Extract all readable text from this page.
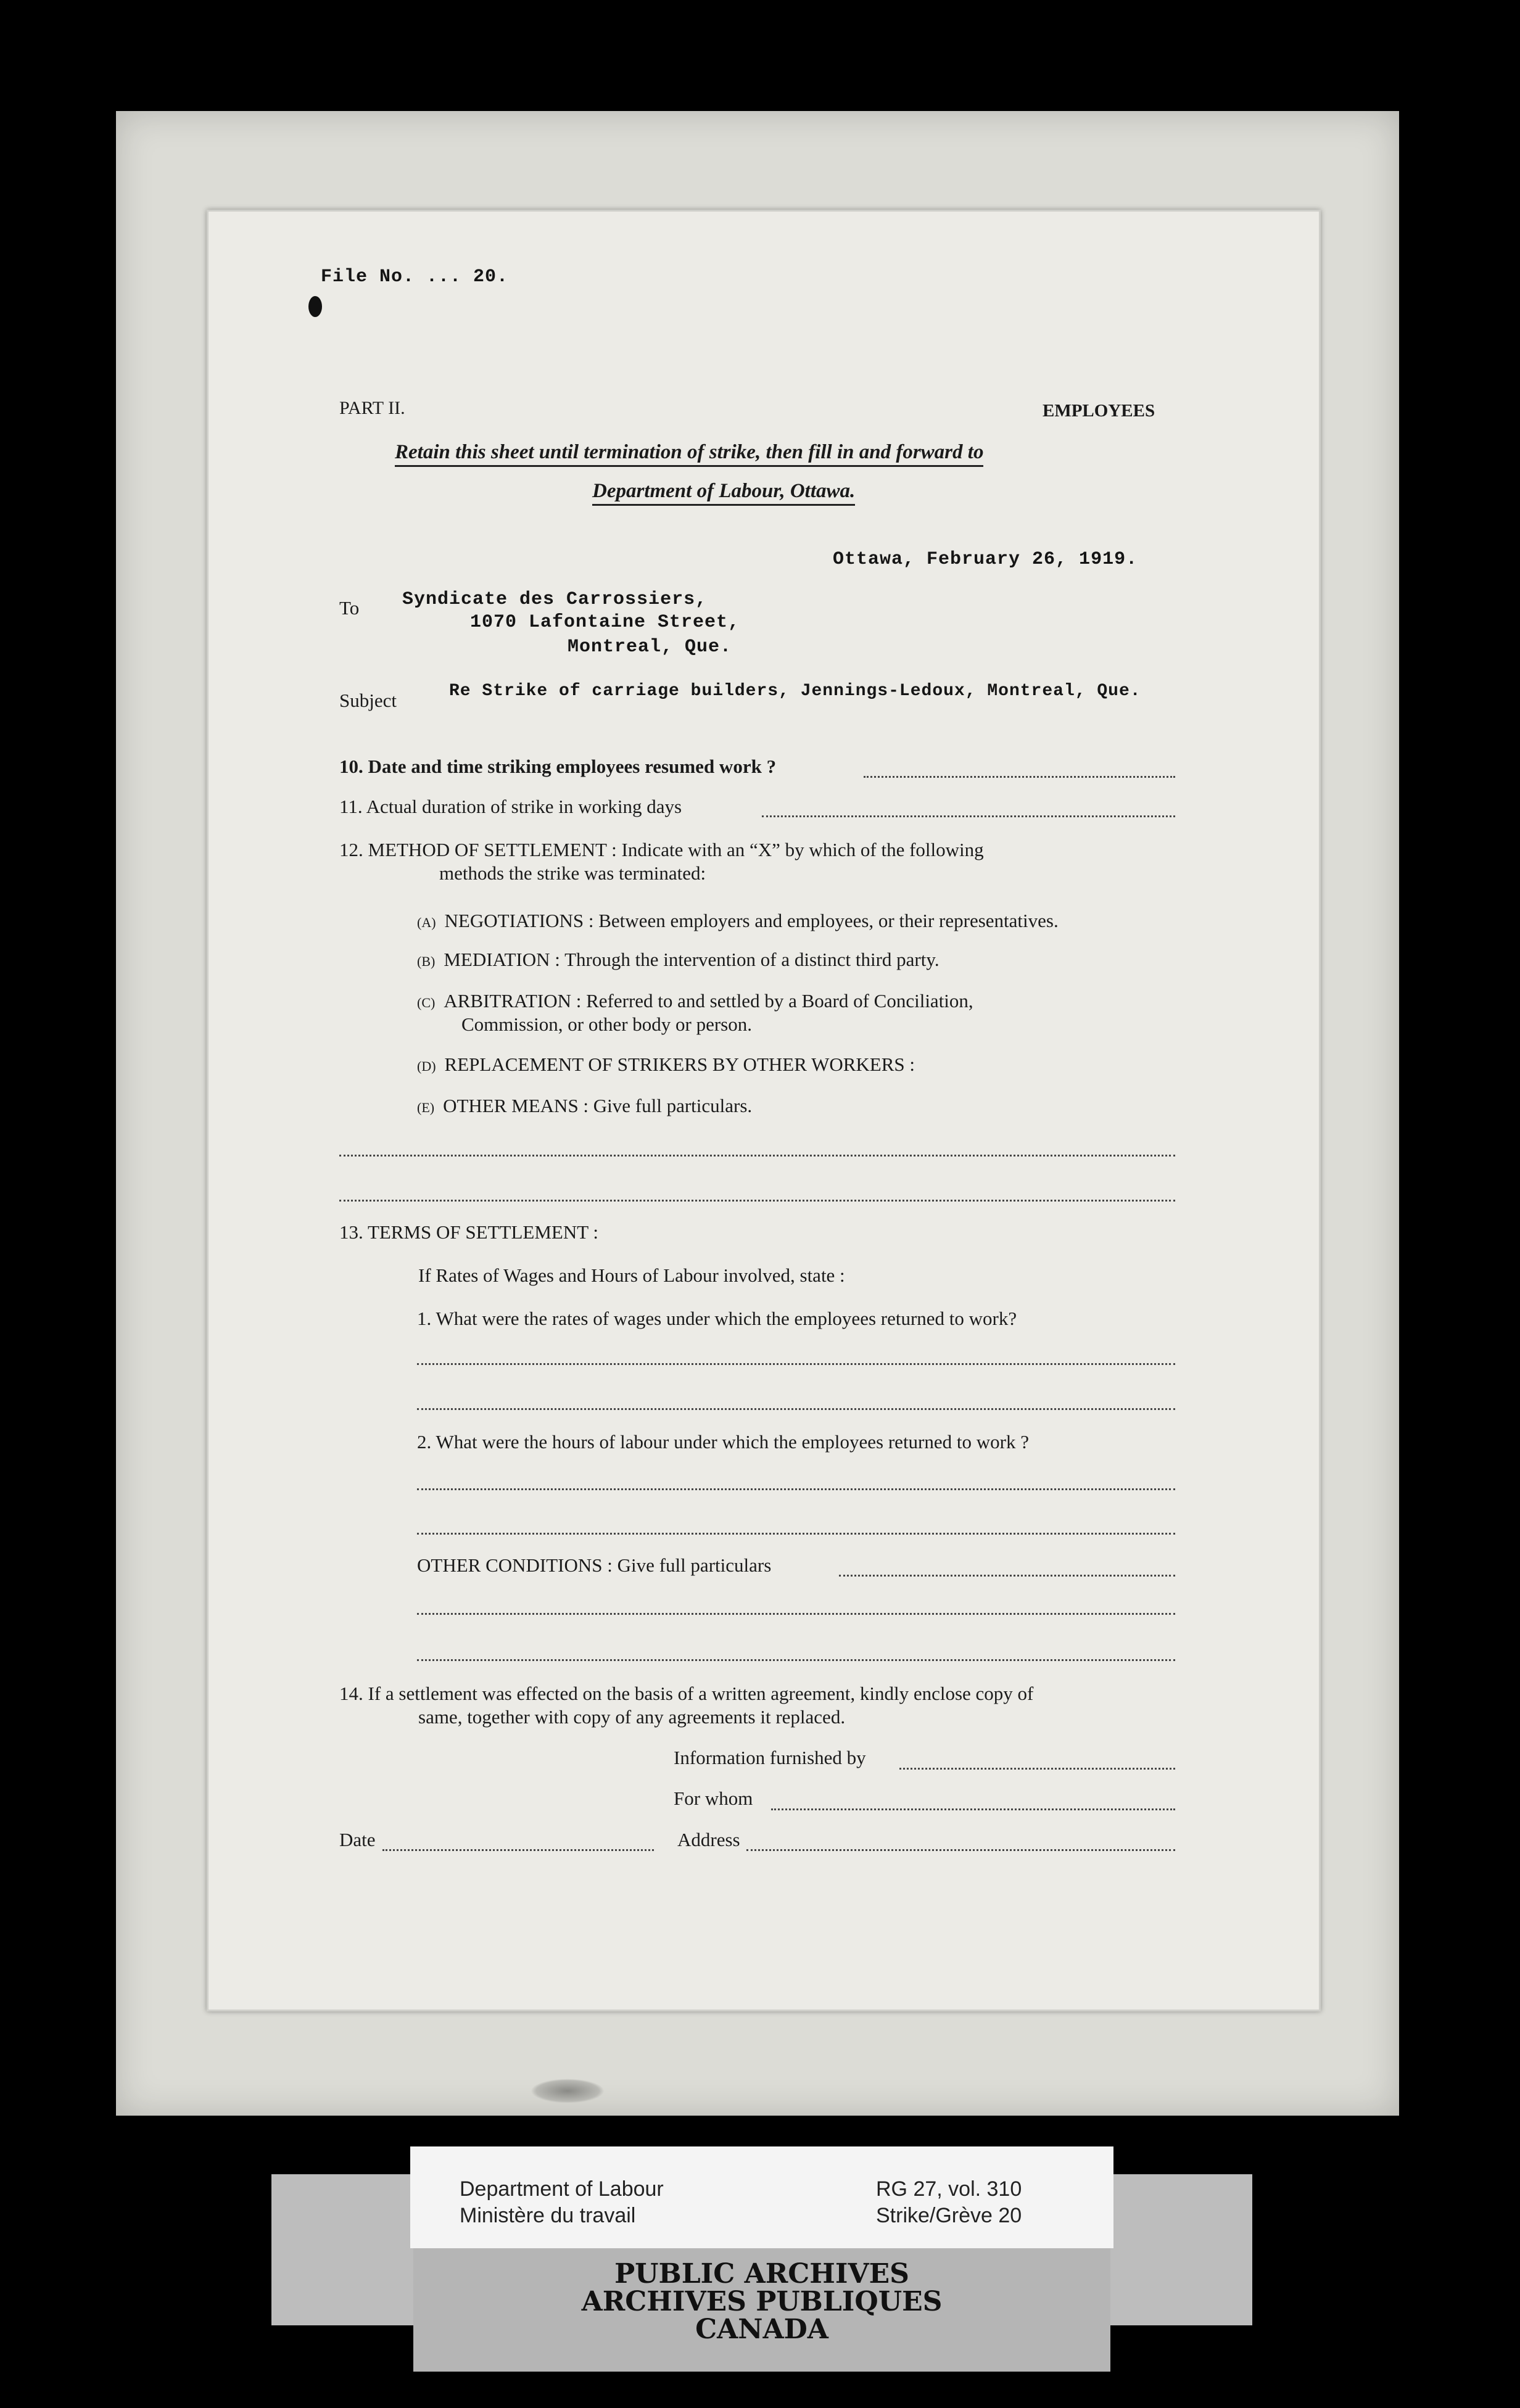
File No. ... 20.
PART II.	EMPLOYEES
Retain this sheet until termination of strike, then fill in and forward to
Department of Labour, Ottawa.
Ottawa, February 26, 1919.
To Syndicate des Carrossiers,
1070 Lafontaine Street,
Montreal, Que.
Subject	Re Strike of carriage builders, Jennings-Ledoux, Montreal, Que.
10. Date and time striking employees resumed work ?
11. Actual duration of strike in working days
12. METHOD OF SETTLEMENT : Indicate with an “X” by which of the following
methods the strike was terminated:
(A) NEGOTIATIONS : Between employers and employees, or their representatives.
(B) MEDIATION : Through the intervention of a distinct third party.
(C) ARBITRATION : Referred to and settled by a Board of Conciliation,
Commission, or other body or person.
(D) REPLACEMENT OF STRIKERS BY OTHER WORKERS :
(E) OTHER MEANS : Give full particulars.
13. TERMS OF SETTLEMENT :
If Rates of Wages and Hours of Labour involved, state :
1. What were the rates of wages under which the employees returned to work?
2. What were the hours of labour under which the employees returned to work ?
OTHER CONDITIONS : Give full particulars
14. If a settlement was effected on the basis of a written agreement, kindly enclose copy of
same, together with copy of any agreements it replaced.
Information furnished by
For whom
Date	Address
Department of Labour
Ministère du travail
RG 27, vol. 310
Strike/Grève 20
PUBLIC ARCHIVES
ARCHIVES PUBLIQUES
CANADA
